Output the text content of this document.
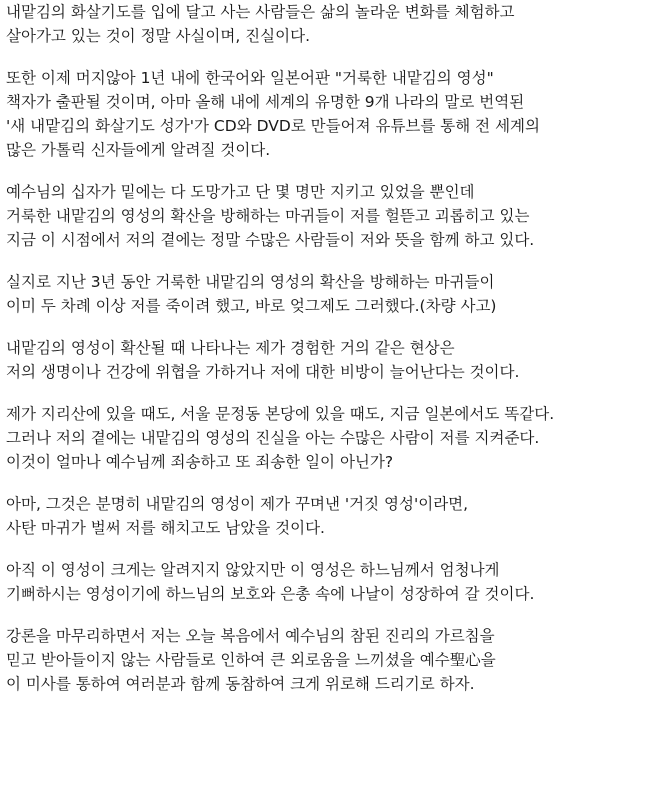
내맡김의 화살기도를 입에 달고 사는 사람들은 삶의 놀라운 변화를 체험하고
살아가고 있는 것이 정말 사실이며, 진실이다.
또한 이제 머지않아 1년 내에 한국어와 일본어판 "거룩한 내맡김의 영성"
책자가 출판될 것이며, 아마 올해 내에 세계의 유명한 9개 나라의 말로 번역된
'새 내맡김의 화살기도 성가'가 CD와 DVD로 만들어져 유튜브를 통해 전 세계의
많은 가톨릭 신자들에게 알려질 것이다.
예수님의 십자가 밑에는 다 도망가고 단 몇 명만 지키고 있었을 뿐인데
거룩한 내맡김의 영성의 확산을 방해하는 마귀들이 저를 헐뜯고 괴롭히고 있는
지금 이 시점에서 저의 곁에는 정말 수많은 사람들이 저와 뜻을 함께 하고 있다.
실지로 지난 3년 동안 거룩한 내맡김의 영성의 확산을 방해하는 마귀들이
이미 두 차례 이상 저를 죽이려 했고, 바로 엊그제도 그러했다.(차량 사고)
내맡김의 영성이 확산될 때 나타나는 제가 경험한 거의 같은 현상은
저의 생명이나 건강에 위협을 가하거나 저에 대한 비방이 늘어난다는 것이다.
제가 지리산에 있을 때도, 서울 문정동 본당에 있을 때도, 지금 일본에서도 똑같다.
그러나 저의 곁에는 내맡김의 영성의 진실을 아는 수많은 사람이 저를 지켜준다.
이것이 얼마나 예수님께 죄송하고 또 죄송한 일이 아닌가?
아마, 그것은 분명히 내맡김의 영성이 제가 꾸며낸 '거짓 영성'이라면,
사탄 마귀가 벌써 저를 해치고도 남았을 것이다.
아직 이 영성이 크게는 알려지지 않았지만 이 영성은 하느님께서 엄청나게
기뻐하시는 영성이기에 하느님의 보호와 은총 속에 나날이 성장하여 갈 것이다.
강론을 마무리하면서 저는 오늘 복음에서 예수님의 참된 진리의 가르침을
믿고 받아들이지 않는 사람들로 인하여 큰 외로움을 느끼셨을 예수聖心을
이 미사를 통하여 여러분과 함께 동참하여 크게 위로해 드리기로 하자.
